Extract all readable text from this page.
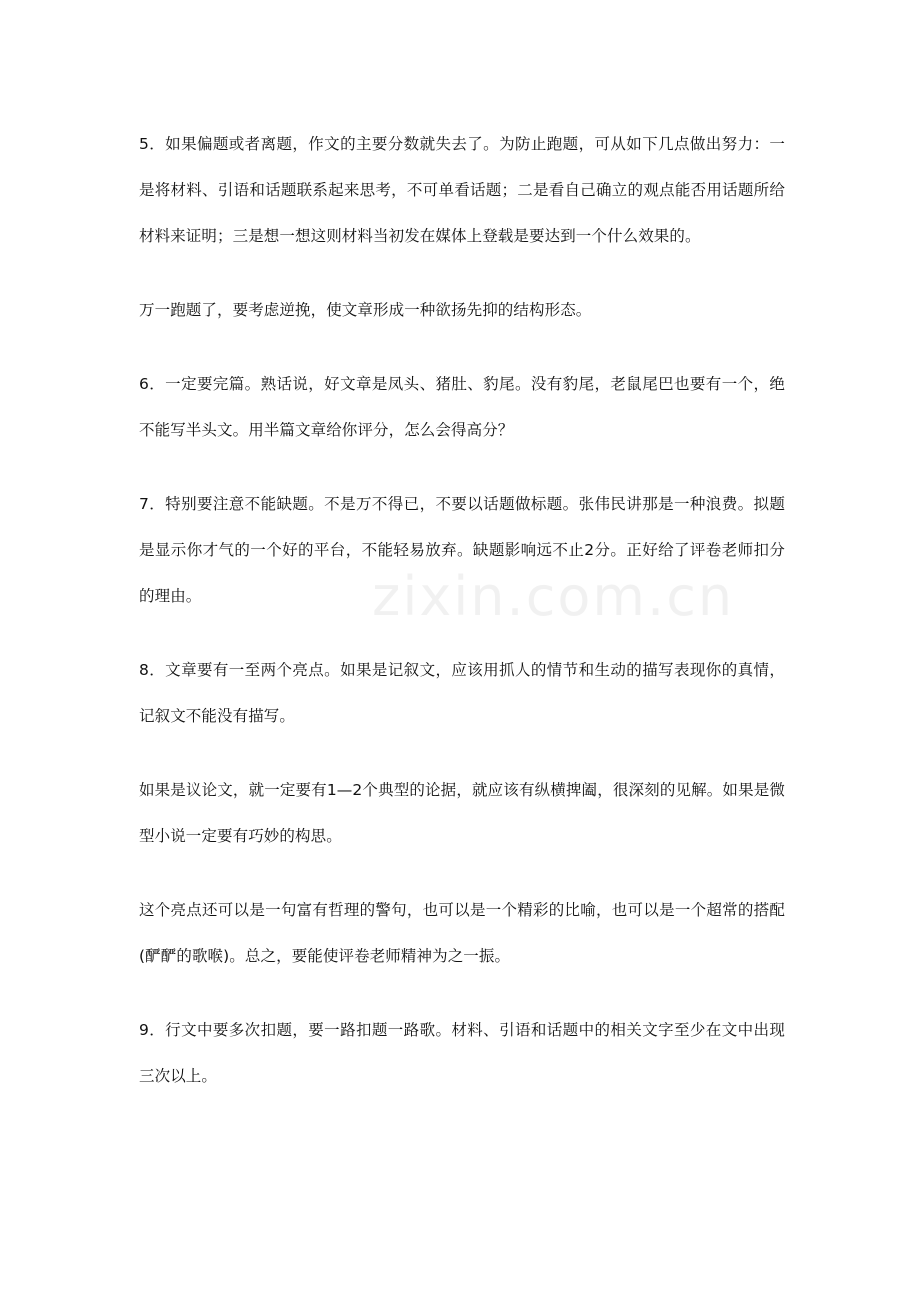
5．如果偏题或者离题，作文的主要分数就失去了。为防止跑题，可从如下几点做出努力：一是将材料、引语和话题联系起来思考，不可单看话题；二是看自己确立的观点能否用话题所给材料来证明；三是想一想这则材料当初发在媒体上登载是要达到一个什么效果的。

万一跑题了，要考虑逆挽，使文章形成一种欲扬先抑的结构形态。

6．一定要完篇。熟话说，好文章是凤头、猪肚、豹尾。没有豹尾，老鼠尾巴也要有一个，绝不能写半头文。用半篇文章给你评分，怎么会得高分？

7．特别要注意不能缺题。不是万不得已，不要以话题做标题。张伟民讲那是一种浪费。拟题是显示你才气的一个好的平台，不能轻易放弃。缺题影响远不止2分。正好给了评卷老师扣分的理由。

8．文章要有一至两个亮点。如果是记叙文，应该用抓人的情节和生动的描写表现你的真情，记叙文不能没有描写。

如果是议论文，就一定要有1—2个典型的论据，就应该有纵横捭阖，很深刻的见解。如果是微型小说一定要有巧妙的构思。

这个亮点还可以是一句富有哲理的警句，也可以是一个精彩的比喻，也可以是一个超常的搭配(酽酽的歌喉)。总之，要能使评卷老师精神为之一振。

9．行文中要多次扣题，要一路扣题一路歌。材料、引语和话题中的相关文字至少在文中出现三次以上。

zixin.com.cn
